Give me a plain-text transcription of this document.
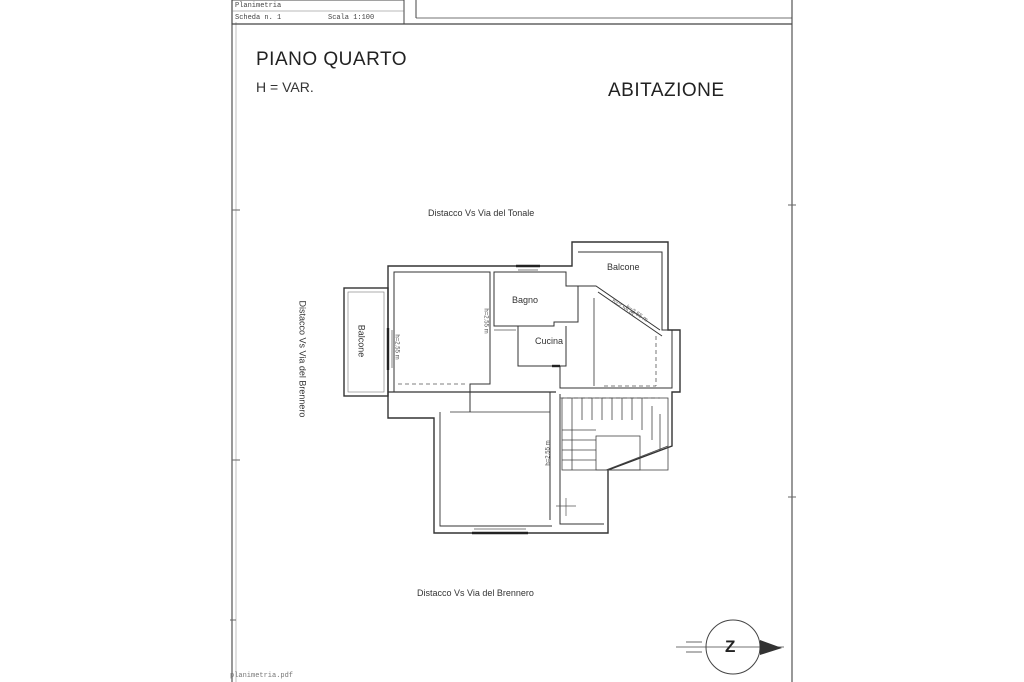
Planimetria
Scheda n. 1	Scala 1:100
PIANO QUARTO
H = VAR.	ABITAZIONE
Distacco Vs Via del Tonale
Distacco Vs Via del Brennero
Distacco Vs Via del Brennero
Balcone
Bagno
Cucina
Balcone	h=2.55 m
h=2.55 m
h=2.55 m
h=2.55 m
h=2.55 m
Z
planimetria.pdf
